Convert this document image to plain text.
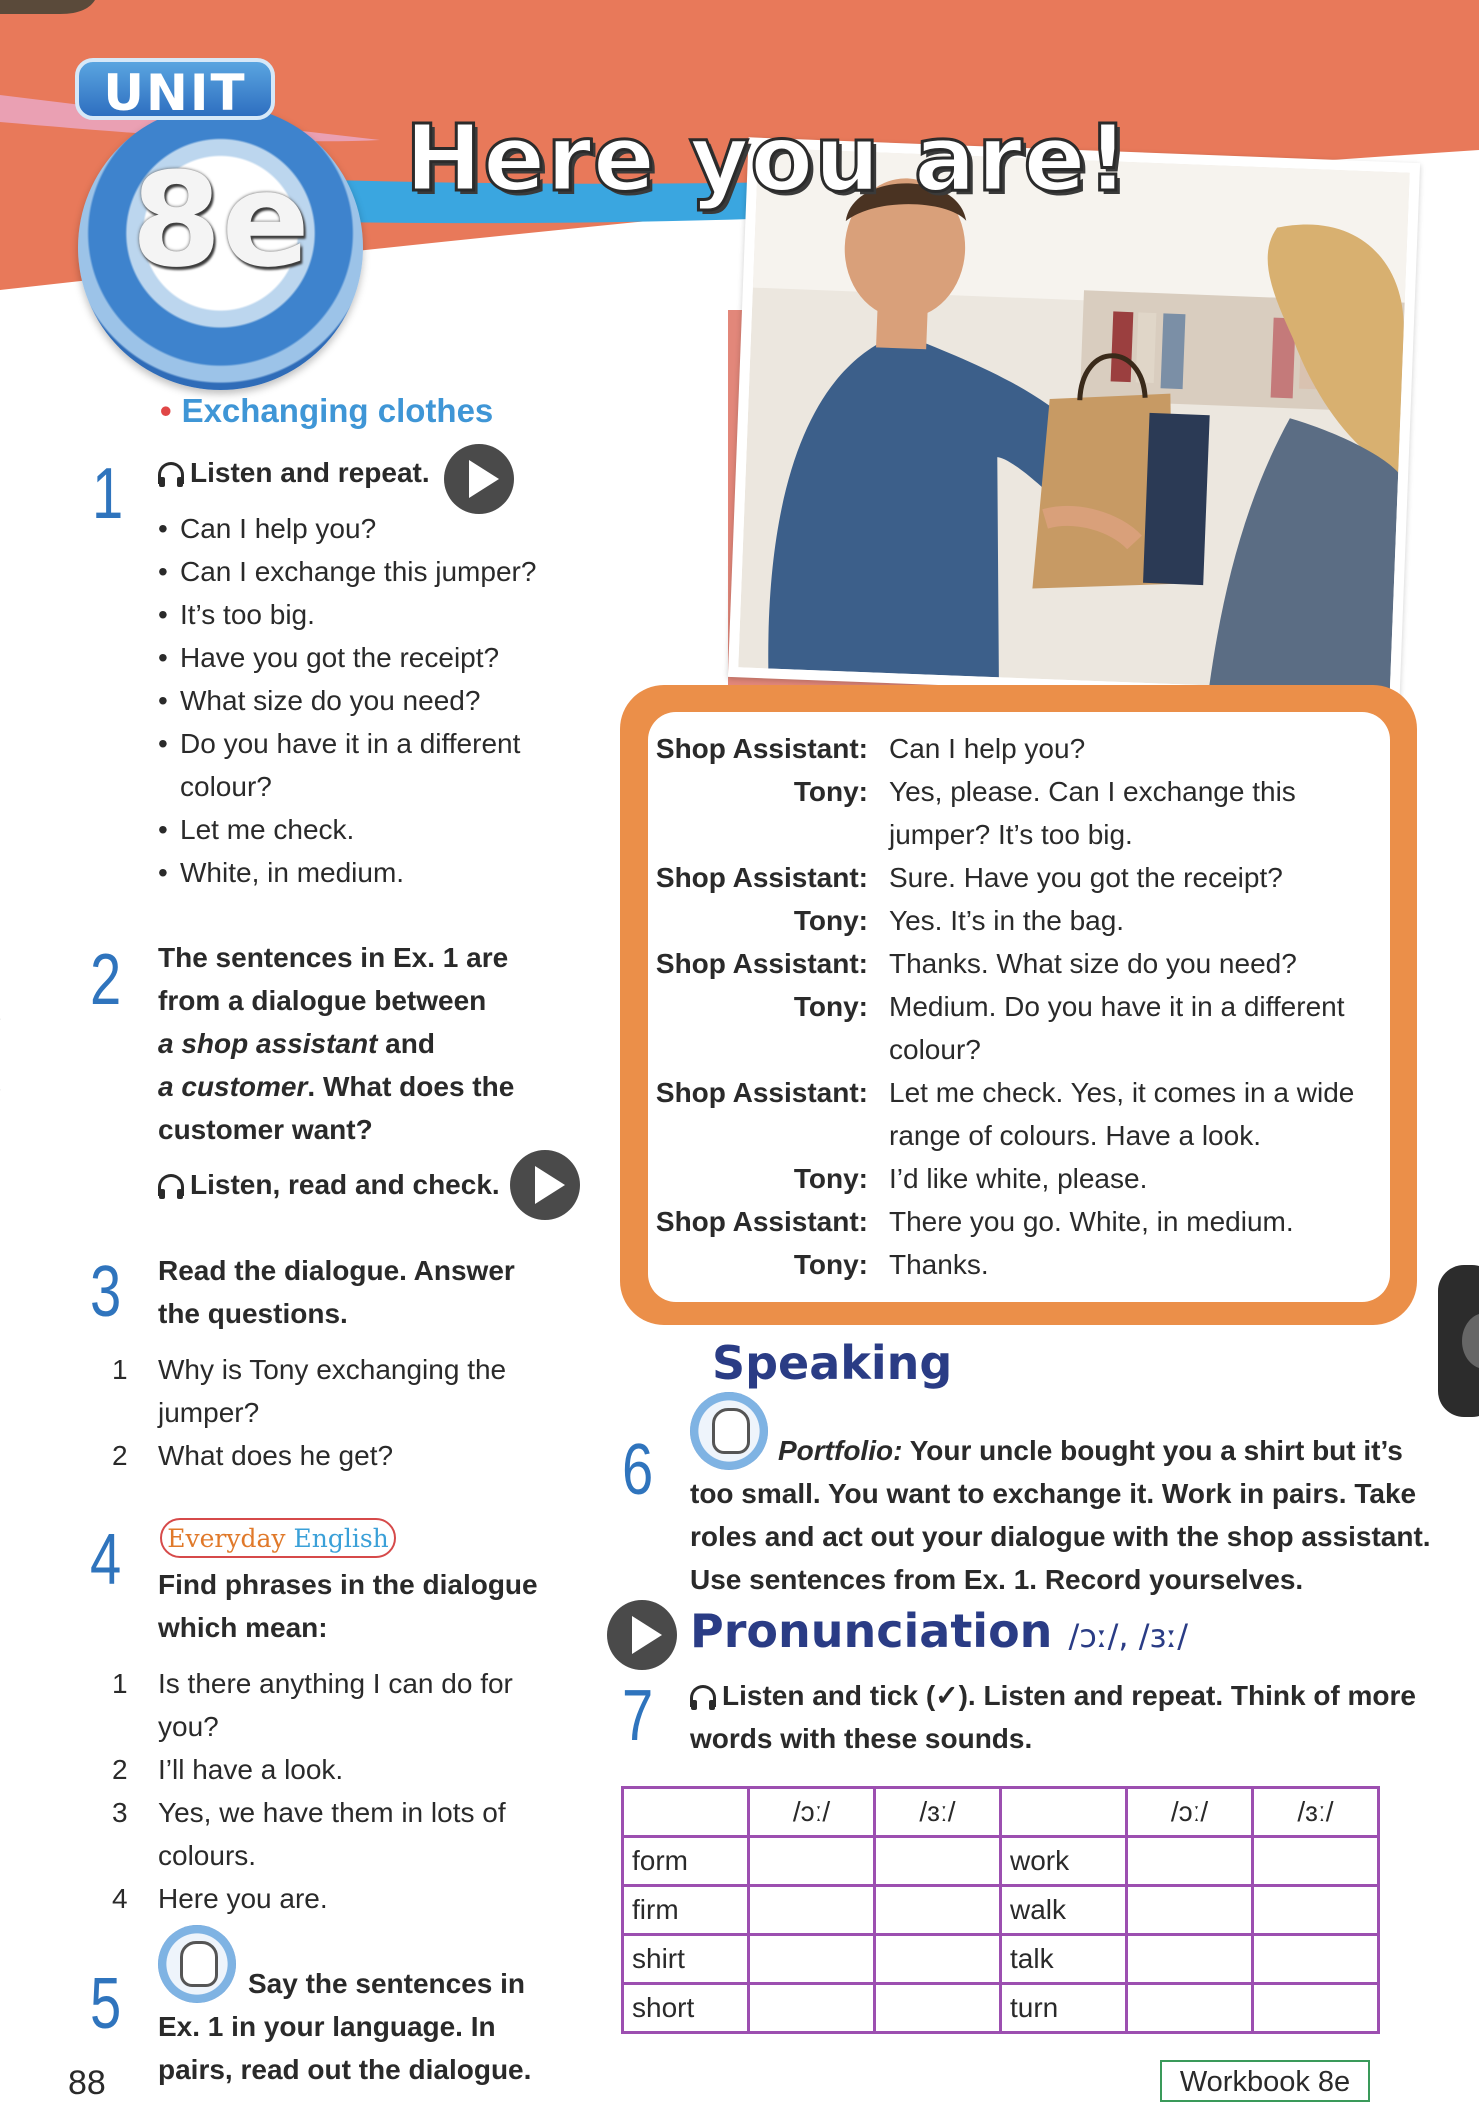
UNIT
8e	Here you are!
• Exchanging clothes
1	Listen and repeat.
• Can I help you?
• Can I exchange this jumper?
• It’s too big.
• Have you got the receipt?
• What size do you need?
• Do you have it in a different
colour?
• Let me check.
• White, in medium.
2 The sentences in Ex. 1 are
from a dialogue between
a shop assistant and
a customer. What does the
customer want?
Listen, read and check.
3 Read the dialogue. Answer
the questions.
1 Why is Tony exchanging the
jumper?
2 What does he get?
4 Everyday English
Find phrases in the dialogue
which mean:
1 Is there anything I can do for
you?
2 I’ll have a look.
3 Yes, we have them in lots of
colours.
4 Here you are.
5	Say the sentences in
Ex. 1 in your language. In
pairs, read out the dialogue.
Shop Assistant: Can I help you?
Tony: Yes, please. Can I exchange this
jumper? It’s too big.
Shop Assistant: Sure. Have you got the receipt?
Tony: Yes. It’s in the bag.
Shop Assistant: Thanks. What size do you need?
Tony: Medium. Do you have it in a different
colour?
Shop Assistant: Let me check. Yes, it comes in a wide
range of colours. Have a look.
Tony: I’d like white, please.
Shop Assistant: There you go. White, in medium.
Tony: Thanks.
Speaking
6	Portfolio: Your uncle bought you a shirt but it’s
too small. You want to exchange it. Work in pairs. Take
roles and act out your dialogue with the shop assistant.
Use sentences from Ex. 1. Record yourselves.
Pronunciation /ɔː/, /ɜː/
7	Listen and tick (✓). Listen and repeat. Think of more
words with these sounds.
	/ɔː/	/ɜː/		/ɔː/	/ɜː/
form			work		
firm			walk		
shirt			talk		
short			turn		
88	Workbook 8e
